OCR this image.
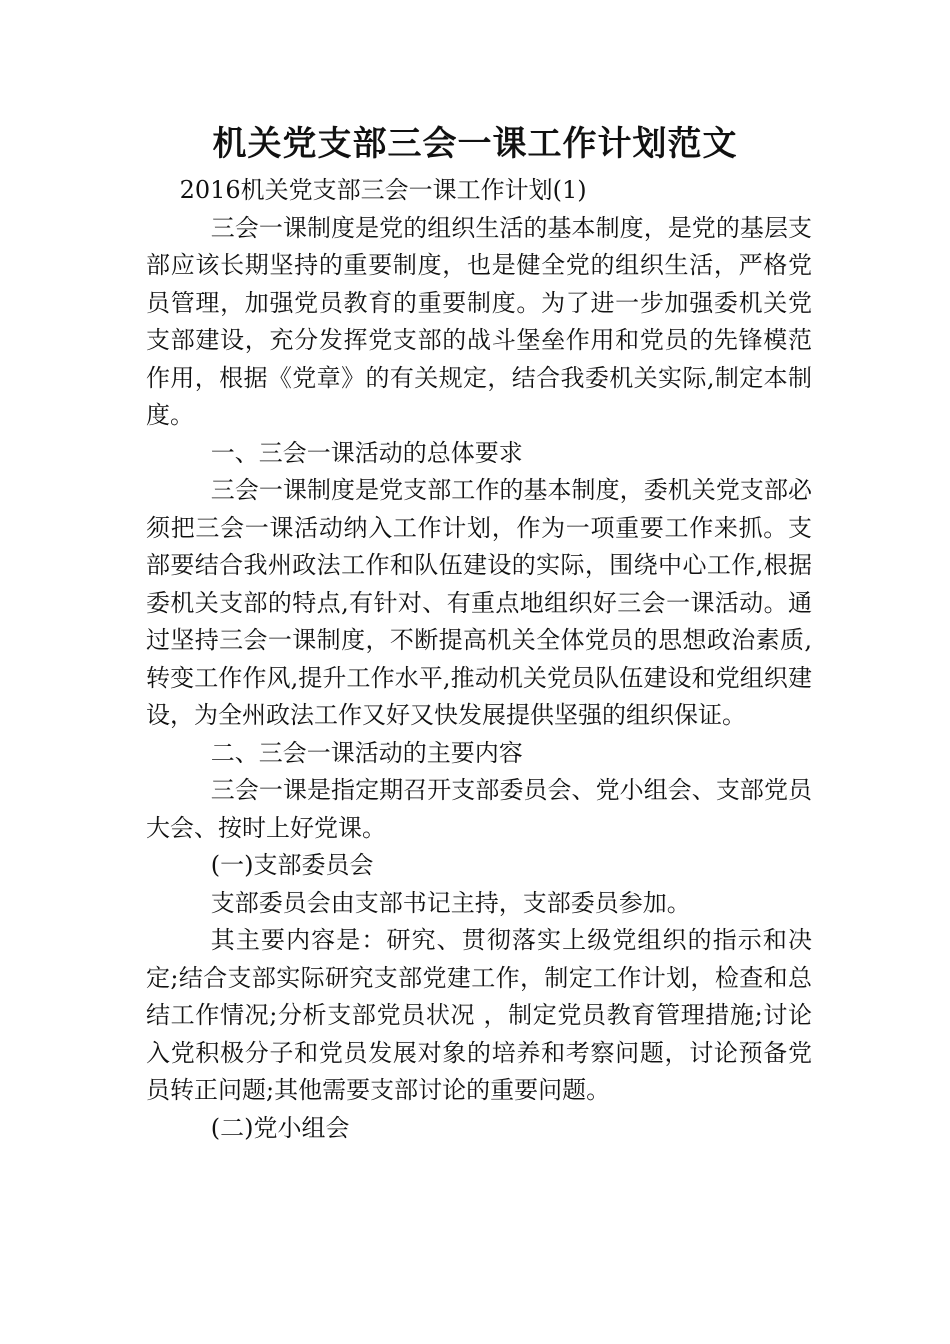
机关党支部三会一课工作计划范文

2016机关党支部三会一课工作计划(1)

三会一课制度是党的组织生活的基本制度，是党的基层支部应该长期坚持的重要制度，也是健全党的组织生活，严格党员管理，加强党员教育的重要制度。为了进一步加强委机关党支部建设，充分发挥党支部的战斗堡垒作用和党员的先锋模范作用，根据《党章》的有关规定，结合我委机关实际,制定本制度。

一、三会一课活动的总体要求

三会一课制度是党支部工作的基本制度，委机关党支部必须把三会一课活动纳入工作计划，作为一项重要工作来抓。支部要结合我州政法工作和队伍建设的实际，围绕中心工作,根据委机关支部的特点,有针对、有重点地组织好三会一课活动。通过坚持三会一课制度，不断提高机关全体党员的思想政治素质,转变工作作风,提升工作水平,推动机关党员队伍建设和党组织建设，为全州政法工作又好又快发展提供坚强的组织保证。

二、三会一课活动的主要内容

三会一课是指定期召开支部委员会、党小组会、支部党员大会、按时上好党课。

(一)支部委员会

支部委员会由支部书记主持，支部委员参加。

其主要内容是：研究、贯彻落实上级党组织的指示和决定;结合支部实际研究支部党建工作，制定工作计划，检查和总结工作情况;分析支部党员状况 ，制定党员教育管理措施;讨论入党积极分子和党员发展对象的培养和考察问题，讨论预备党员转正问题;其他需要支部讨论的重要问题。

(二)党小组会
